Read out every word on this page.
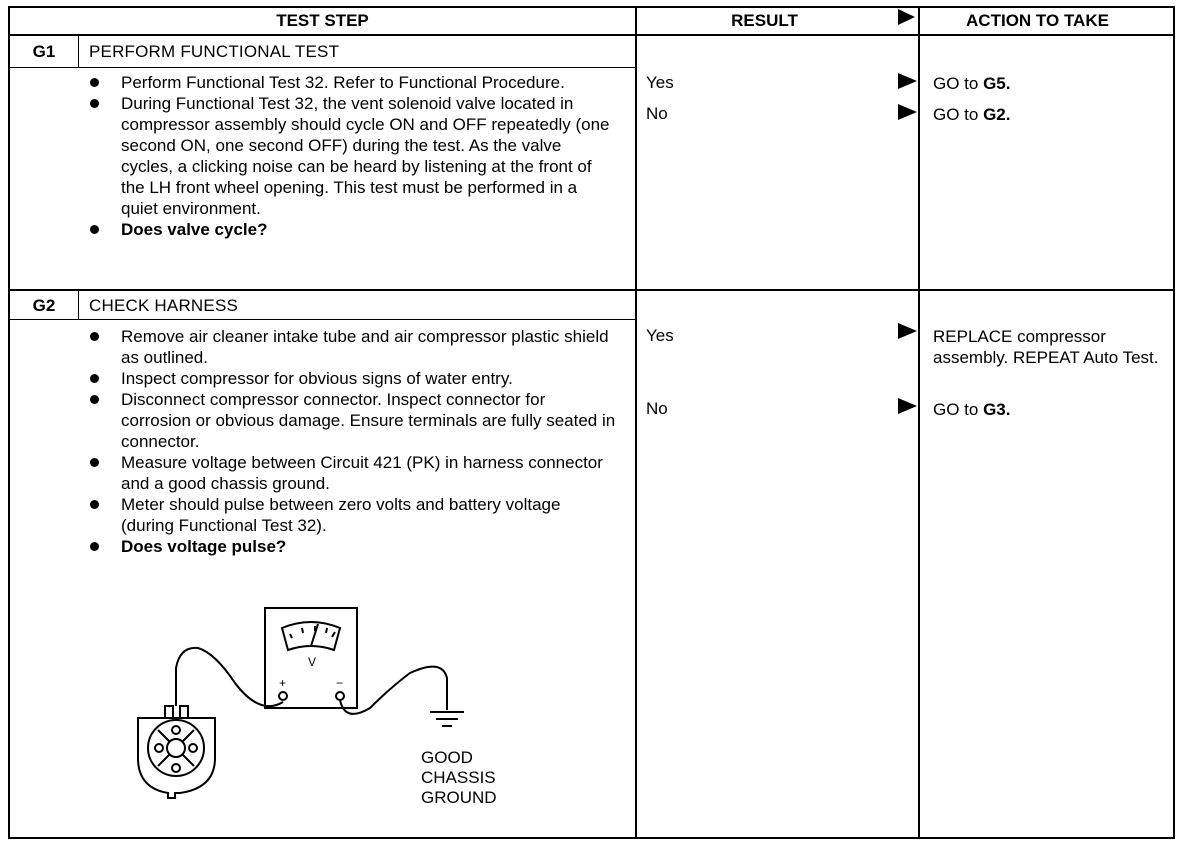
TEST STEP	RESULT	ACTION TO TAKE
G1	PERFORM FUNCTIONAL TEST
Perform Functional Test 32. Refer to Functional Procedure.
During Functional Test 32, the vent solenoid valve located in compressor assembly should cycle ON and OFF repeatedly (one second ON, one second OFF) during the test. As the valve cycles, a clicking noise can be heard by listening at the front of the LH front wheel opening. This test must be performed in a quiet environment.
Does valve cycle?
Yes	GO to G5.
No	GO to G2.
G2	CHECK HARNESS
Remove air cleaner intake tube and air compressor plastic shield as outlined.
Inspect compressor for obvious signs of water entry.
Disconnect compressor connector. Inspect connector for corrosion or obvious damage. Ensure terminals are fully seated in connector.
Measure voltage between Circuit 421 (PK) in harness connector and a good chassis ground.
Meter should pulse between zero volts and battery voltage (during Functional Test 32).
Does voltage pulse?
Yes	REPLACE compressor assembly. REPEAT Auto Test.
No	GO to G3.
V
+	−
GOOD
CHASSIS
GROUND
